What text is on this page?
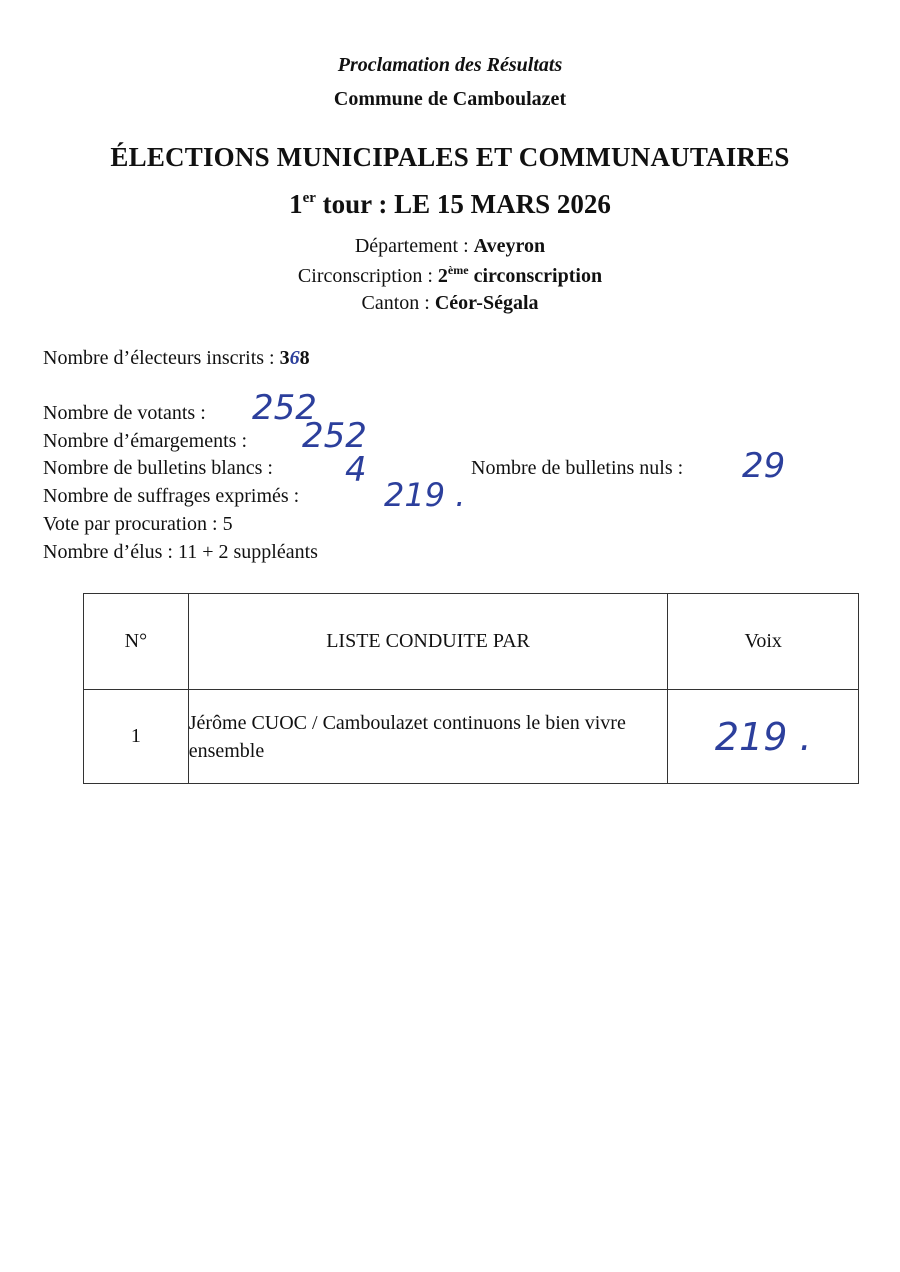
Proclamation des Résultats
Commune de Camboulazet
ÉLECTIONS MUNICIPALES ET COMMUNAUTAIRES
1er tour : LE 15 MARS 2026
Département : Aveyron
Circonscription : 2ème circonscription
Canton : Céor-Ségala
Nombre d’électeurs inscrits : 368
Nombre de votants : 252
Nombre d’émargements : 252
Nombre de bulletins blancs : 4	Nombre de bulletins nuls : 29
Nombre de suffrages exprimés :	219 .
Vote par procuration : 5
Nombre d’élus : 11 + 2 suppléants
N°	LISTE CONDUITE PAR	Voix
1	Jérôme CUOC / Camboulazet continuons le bien vivre ensemble	219 .
